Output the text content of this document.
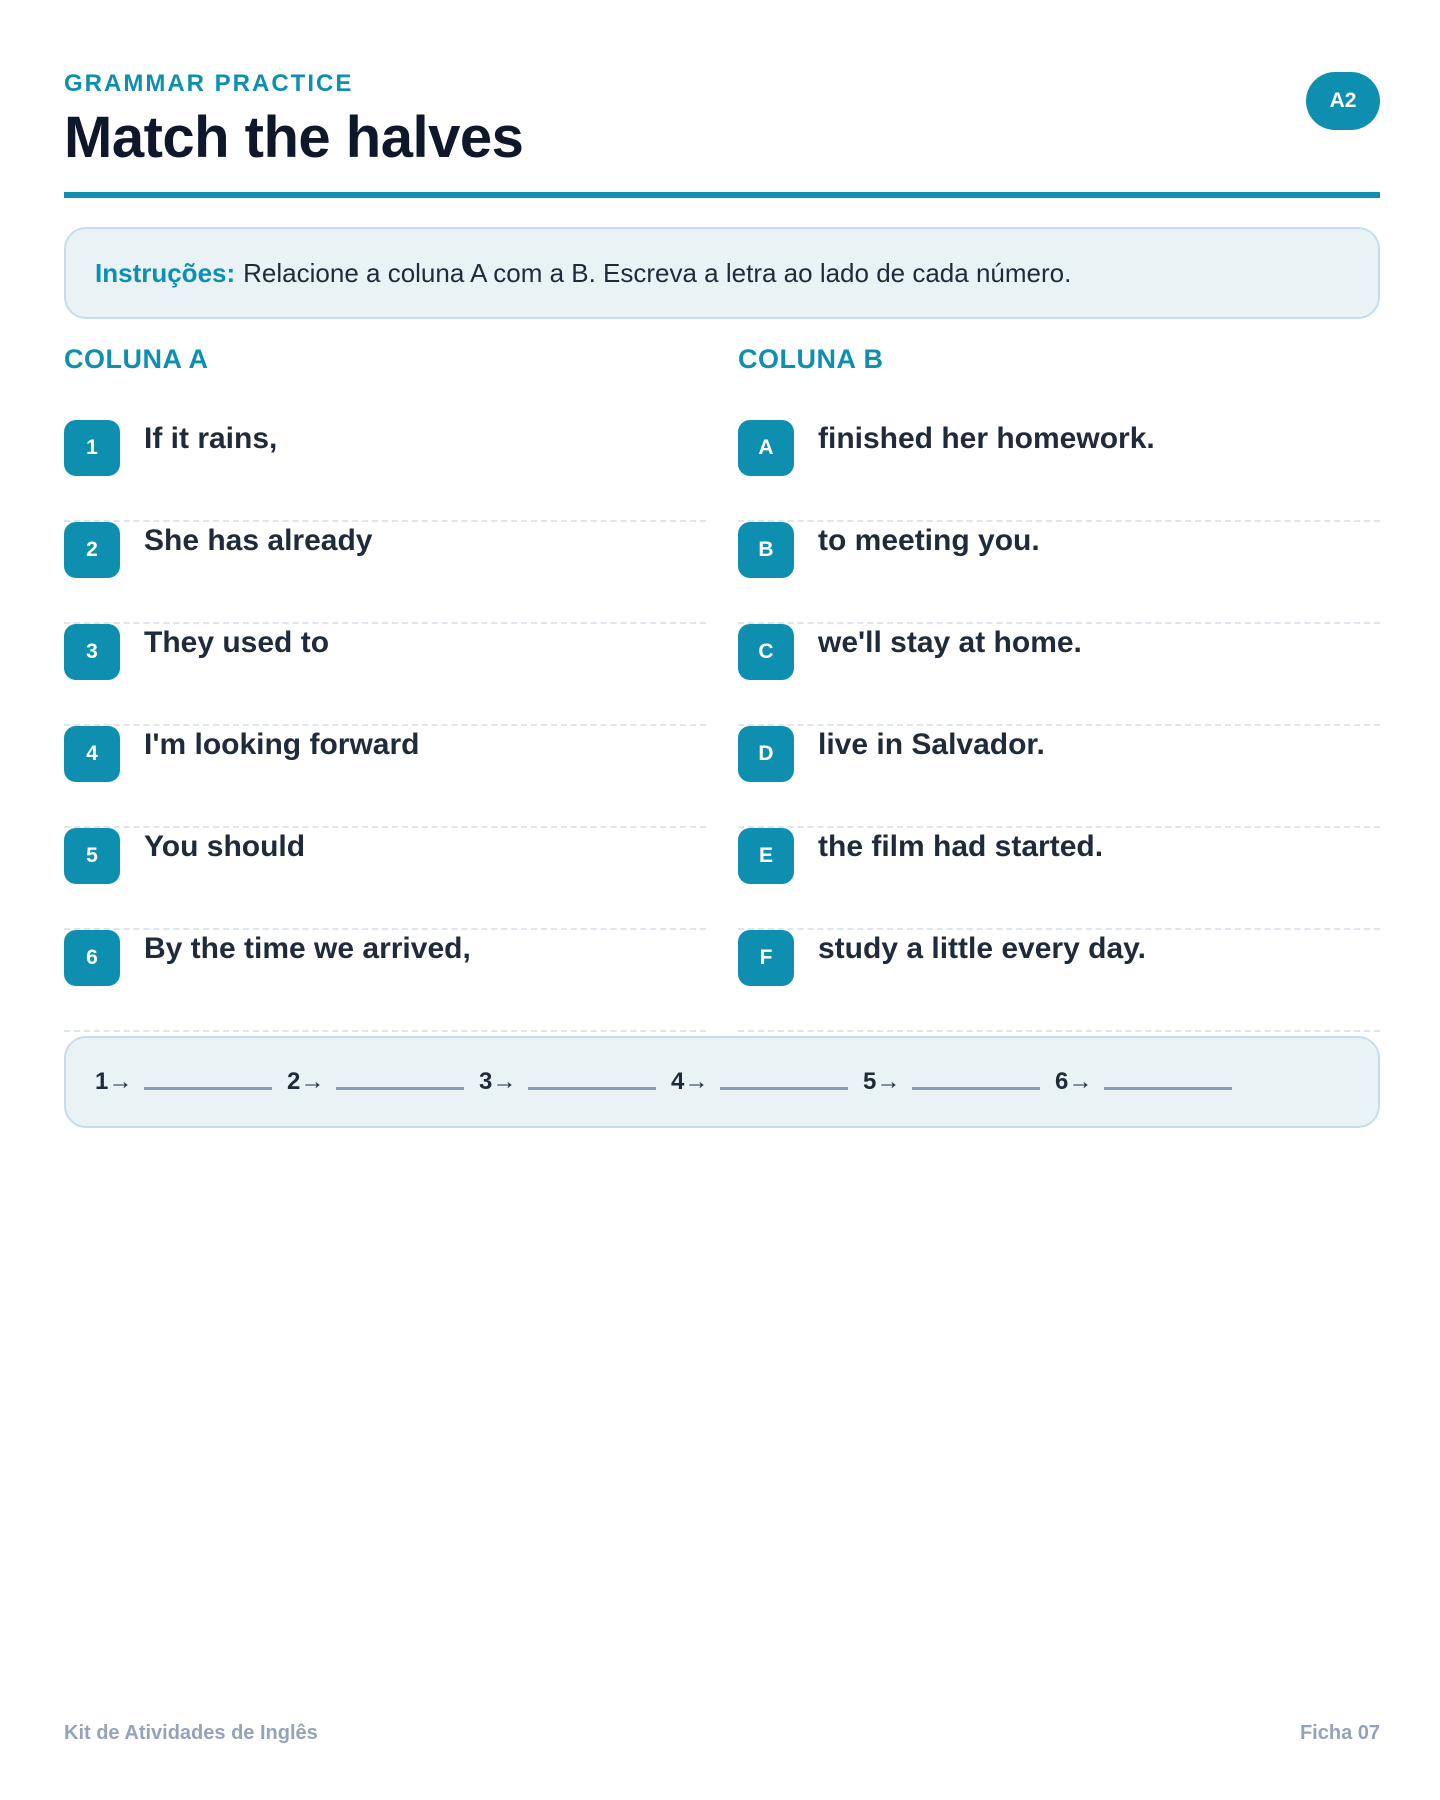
GRAMMAR PRACTICE
Match the halves
A2
Instruções: Relacione a coluna A com a B. Escreva a letra ao lado de cada número.
COLUNA A
1	If it rains,
2	She has already
3	They used to
4	I'm looking forward
5	You should
6	By the time we arrived,
COLUNA B
A	finished her homework.
B	to meeting you.
C	we'll stay at home.
D	live in Salvador.
E	the film had started.
F	study a little every day.
1→	2→	3→	4→	5→	6→
Kit de Atividades de Inglês	Ficha 07
